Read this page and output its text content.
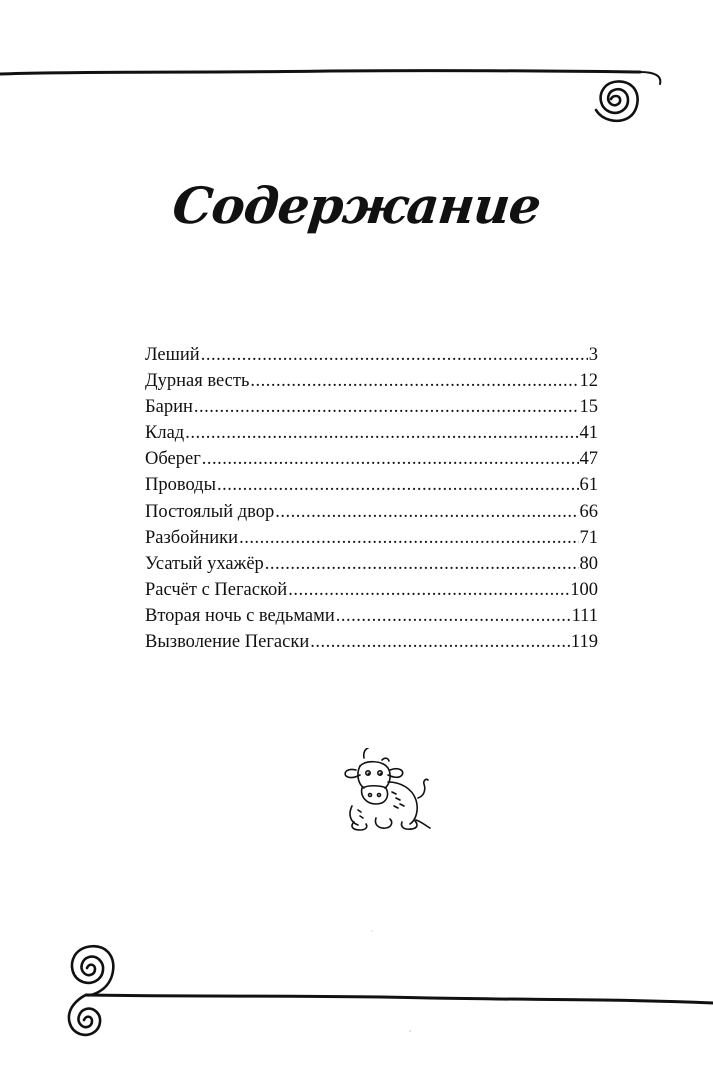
Содержание
Леший .....	3
Дурная весть .....	12
Барин .....	15
Клад .....	41
Оберег .....	47
Проводы .....	61
Постоялый двор .....	66
Разбойники .....	71
Усатый ухажёр .....	80
Расчёт с Пегаской .....	100
Вторая ночь с ведьмами .....	111
Вызволение Пегаски .....	119
